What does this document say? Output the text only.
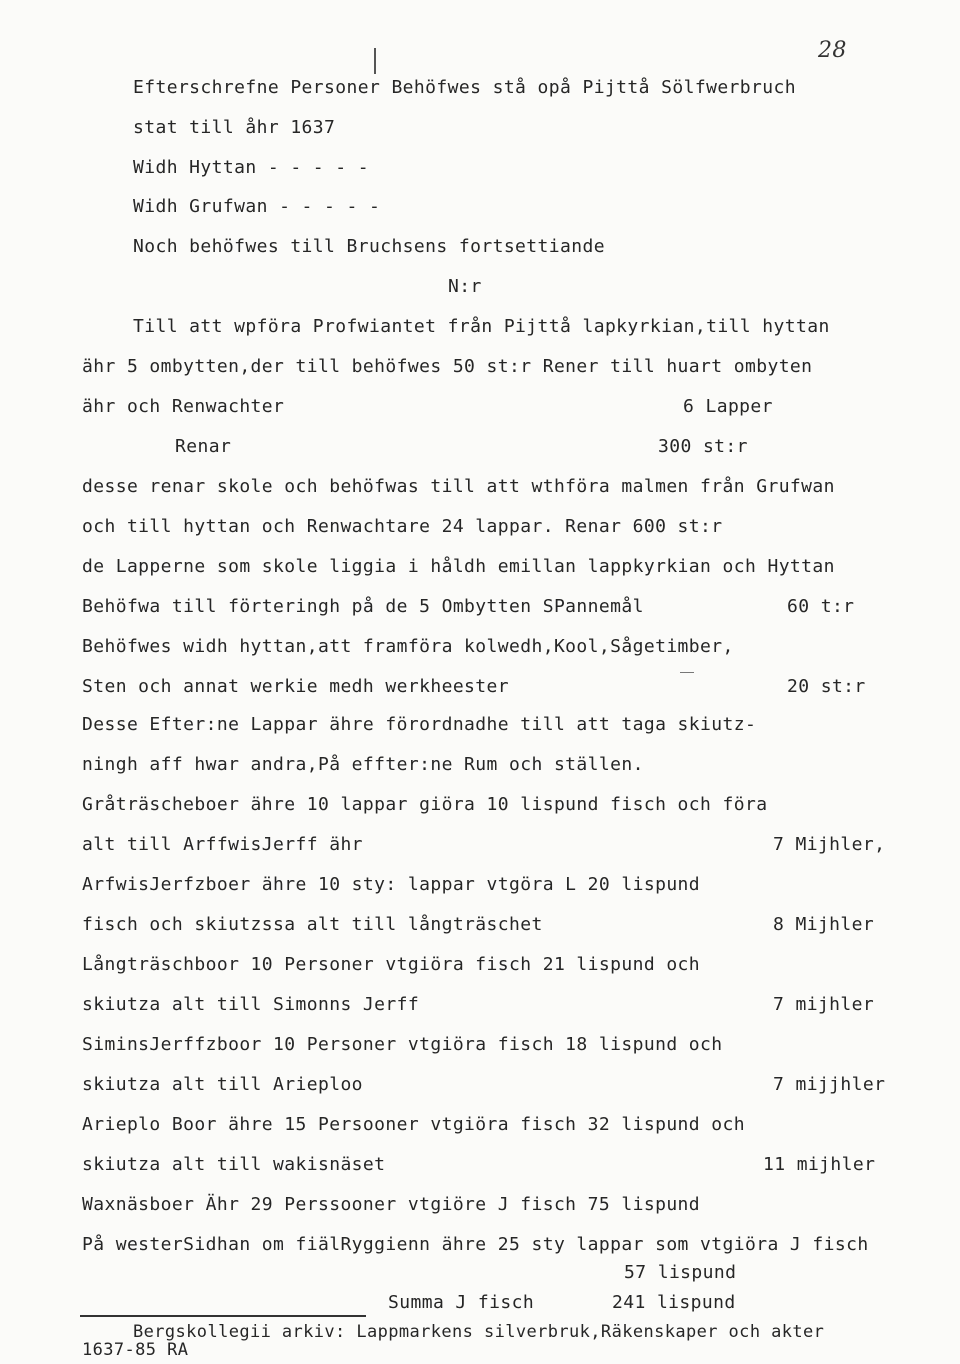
28
Efterschrefne Personer Behöfwes stå opå Pijttå Sölfwerbruch
stat till åhr 1637
Widh Hyttan - - - - -
Widh Grufwan - - - - -
Noch behöfwes till Bruchsens fortsettiande
N:r
Till att wpföra Profwiantet från Pijttå lapkyrkian,till hyttan
ähr 5 ombytten,der till behöfwes 50 st:r Rener till huart ombyten
ähr och Renwachter	6 Lapper
Renar	300 st:r
desse renar skole och behöfwas till att wthföra malmen från Grufwan
och till hyttan och Renwachtare 24 lappar. Renar 600 st:r
de Lapperne som skole liggia i håldh emillan lappkyrkian och Hyttan
Behöfwa till förteringh på de 5 Ombytten SPannemål	60 t:r
Behöfwes widh hyttan,att framföra kolwedh,Kool,Sågetimber,
Sten och annat werkie medh werkheester	20 st:r
Desse Efter:ne Lappar ähre förordnadhe till att taga skiutz-
ningh aff hwar andra,På effter:ne Rum och ställen.
Gråträscheboer ähre 10 lappar giöra 10 lispund fisch och föra
alt till ArffwisJerff ähr	7 Mijhler,
ArfwisJerfzboer ähre 10 sty: lappar vtgöra L 20 lispund
fisch och skiutzssa alt till långträschet	8 Mijhler
Långträschboor 10 Personer vtgiöra fisch 21 lispund och
skiutza alt till Simonns Jerff	7 mijhler
SiminsJerffzboor 10 Personer vtgiöra fisch 18 lispund och
skiutza alt till Arieploo	7 mijjhler
Arieplo Boor ähre 15 Persooner vtgiöra fisch 32 lispund och
skiutza alt till wakisnäset	11 mijhler
Waxnäsboer Ähr 29 Perssooner vtgiöre J fisch 75 lispund
På westerSidhan om fiälRyggienn ähre 25 sty lappar som vtgiöra J fisch
57 lispund
Summa J fisch	241 lispund
Bergskollegii arkiv: Lappmarkens silverbruk,Räkenskaper och akter
1637-85 RA
